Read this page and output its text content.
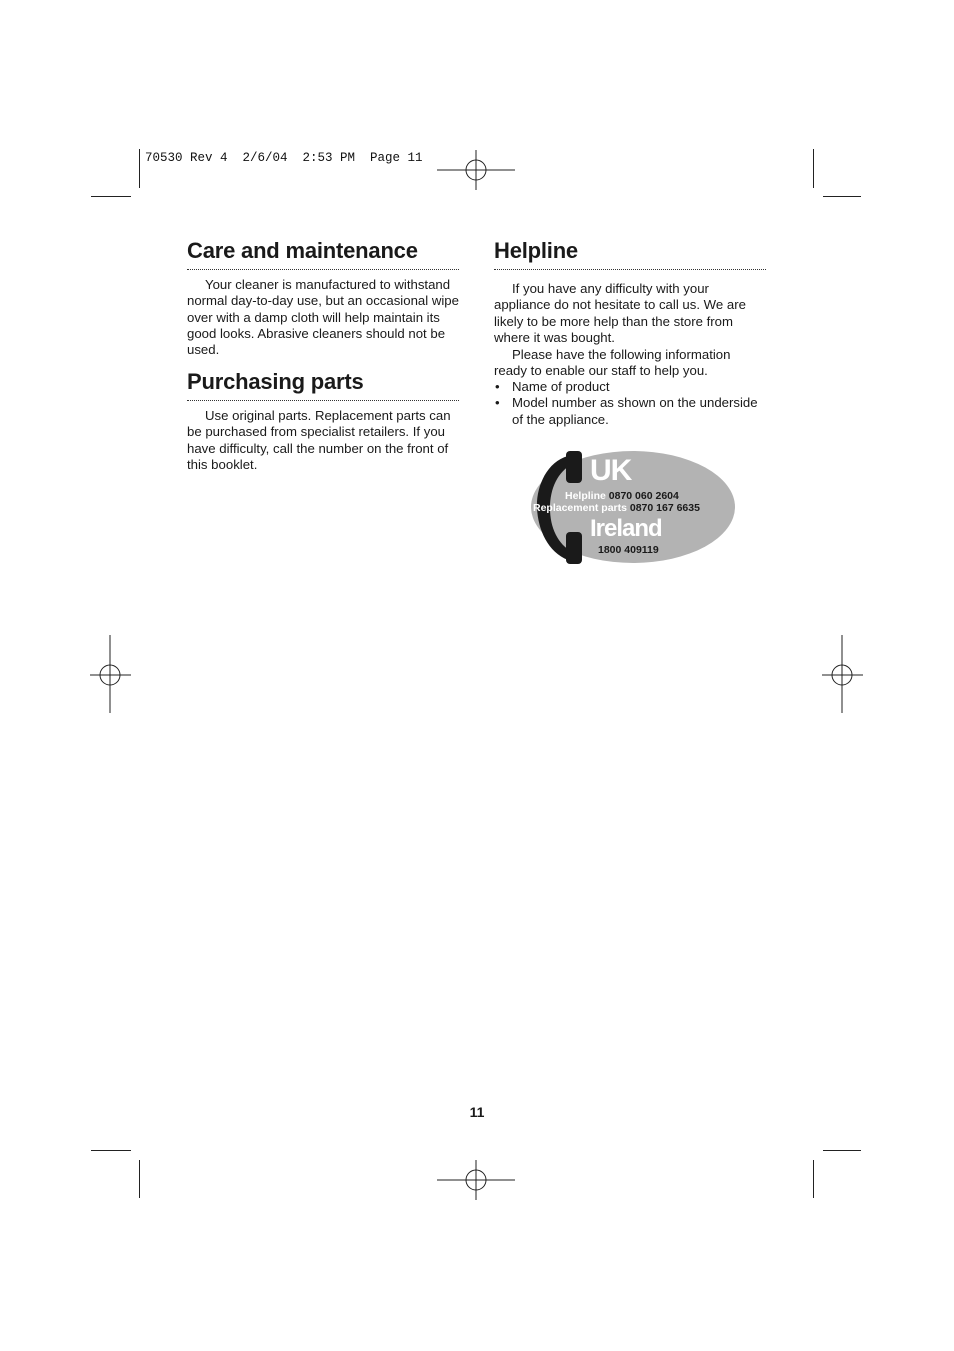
70530 Rev 4  2/6/04  2:53 PM  Page 11
Care and maintenance

Your cleaner is manufactured to withstand normal day-to-day use, but an occasional wipe over with a damp cloth will help maintain its good looks. Abrasive cleaners should not be used.

Purchasing parts

Use original parts. Replacement parts can be purchased from specialist retailers. If you have difficulty, call the number on the front of this booklet.

Helpline

If you have any difficulty with your appliance do not hesitate to call us. We are likely to be more help than the store from where it was bought.

Please have the following information ready to enable our staff to help you.

• Name of product
• Model number as shown on the underside of the appliance.
UK
Helpline 0870 060 2604
Replacement parts 0870 167 6635
Ireland
1800 409119
11
